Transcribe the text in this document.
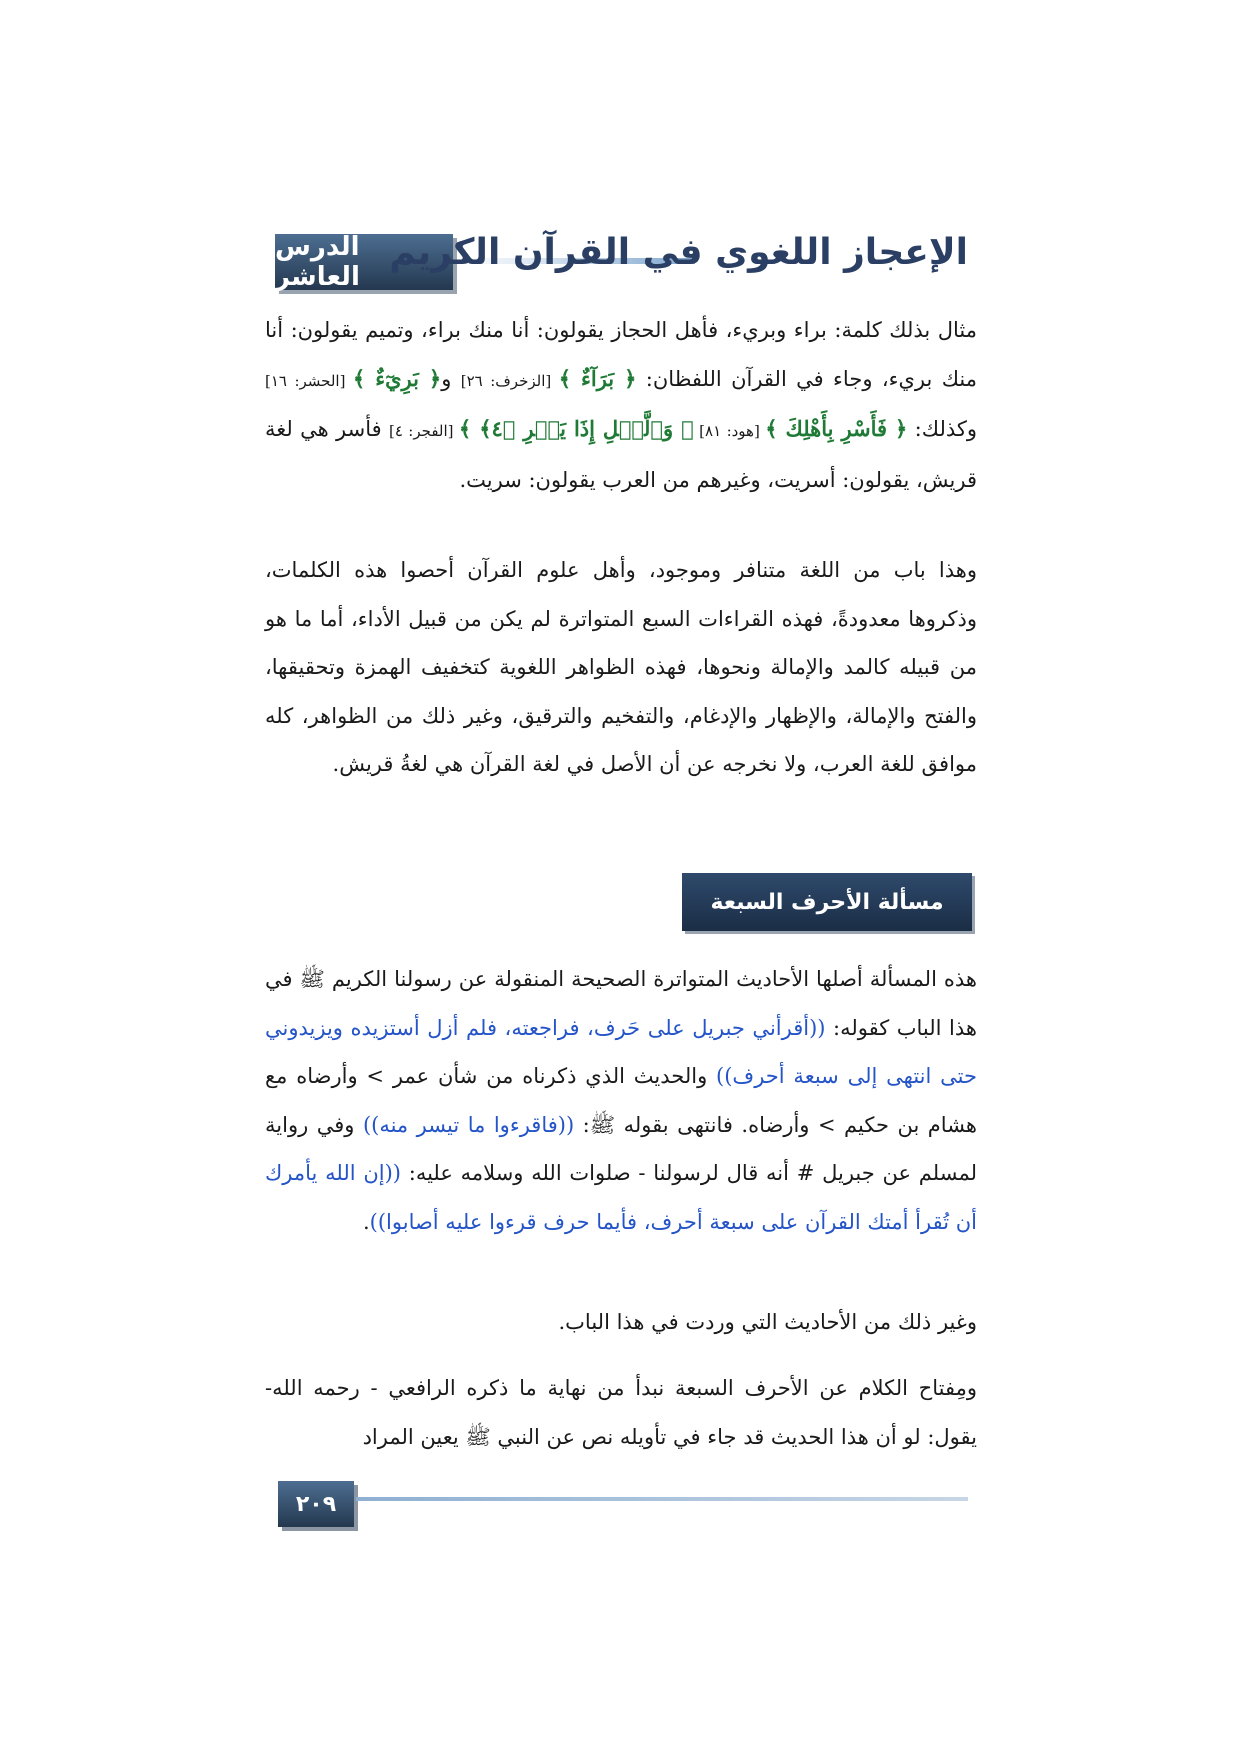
الدرس العاشر
الإعجاز اللغوي في القرآن الكريم

مثال بذلك كلمة: براء وبريء، فأهل الحجاز يقولون: أنا منك براء، وتميم يقولون: أنا منك بريء، وجاء في القرآن اللفظان: ﴿ بَرَآءٌ ﴾ [الزخرف: ٢٦] و﴿ بَرِيٓءٌ ﴾ [الحشر: ١٦] وكذلك: ﴿ فَأَسْرِ بِأَهْلِكَ ﴾ [هود: ٨١] ﴿ وَٱلَّيۡلِ إِذَا يَسۡرِ ﴿٤﴾ ﴾ [الفجر: ٤] فأسر هي لغة قريش، يقولون: أسريت، وغيرهم من العرب يقولون: سريت.

وهذا باب من اللغة متنافر وموجود، وأهل علوم القرآن أحصوا هذه الكلمات، وذكروها معدودةً، فهذه القراءات السبع المتواترة لم يكن من قبيل الأداء، أما ما هو من قبيله كالمد والإمالة ونحوها، فهذه الظواهر اللغوية كتخفيف الهمزة وتحقيقها، والفتح والإمالة، والإظهار والإدغام، والتفخيم والترقيق، وغير ذلك من الظواهر، كله موافق للغة العرب، ولا نخرجه عن أن الأصل في لغة القرآن هي لغةُ قريش.

مسألة الأحرف السبعة

هذه المسألة أصلها الأحاديث المتواترة الصحيحة المنقولة عن رسولنا الكريم ﷺ في هذا الباب كقوله: ((أقرأني جبريل على حَرف، فراجعته، فلم أزل أستزيده ويزيدوني حتى انتهى إلى سبعة أحرف)) والحديث الذي ذكرناه من شأن عمر > وأرضاه مع هشام بن حكيم > وأرضاه. فانتهى بقوله ﷺ: ((فاقرءوا ما تيسر منه)) وفي رواية لمسلم عن جبريل # أنه قال لرسولنا - صلوات الله وسلامه عليه: ((إن الله يأمرك أن تُقرأ أمتك القرآن على سبعة أحرف، فأيما حرف قرءوا عليه أصابوا)).

وغير ذلك من الأحاديث التي وردت في هذا الباب.

ومِفتاح الكلام عن الأحرف السبعة نبدأ من نهاية ما ذكره الرافعي - رحمه الله- يقول: لو أن هذا الحديث قد جاء في تأويله نص عن النبي ﷺ يعين المراد

٢٠٩
